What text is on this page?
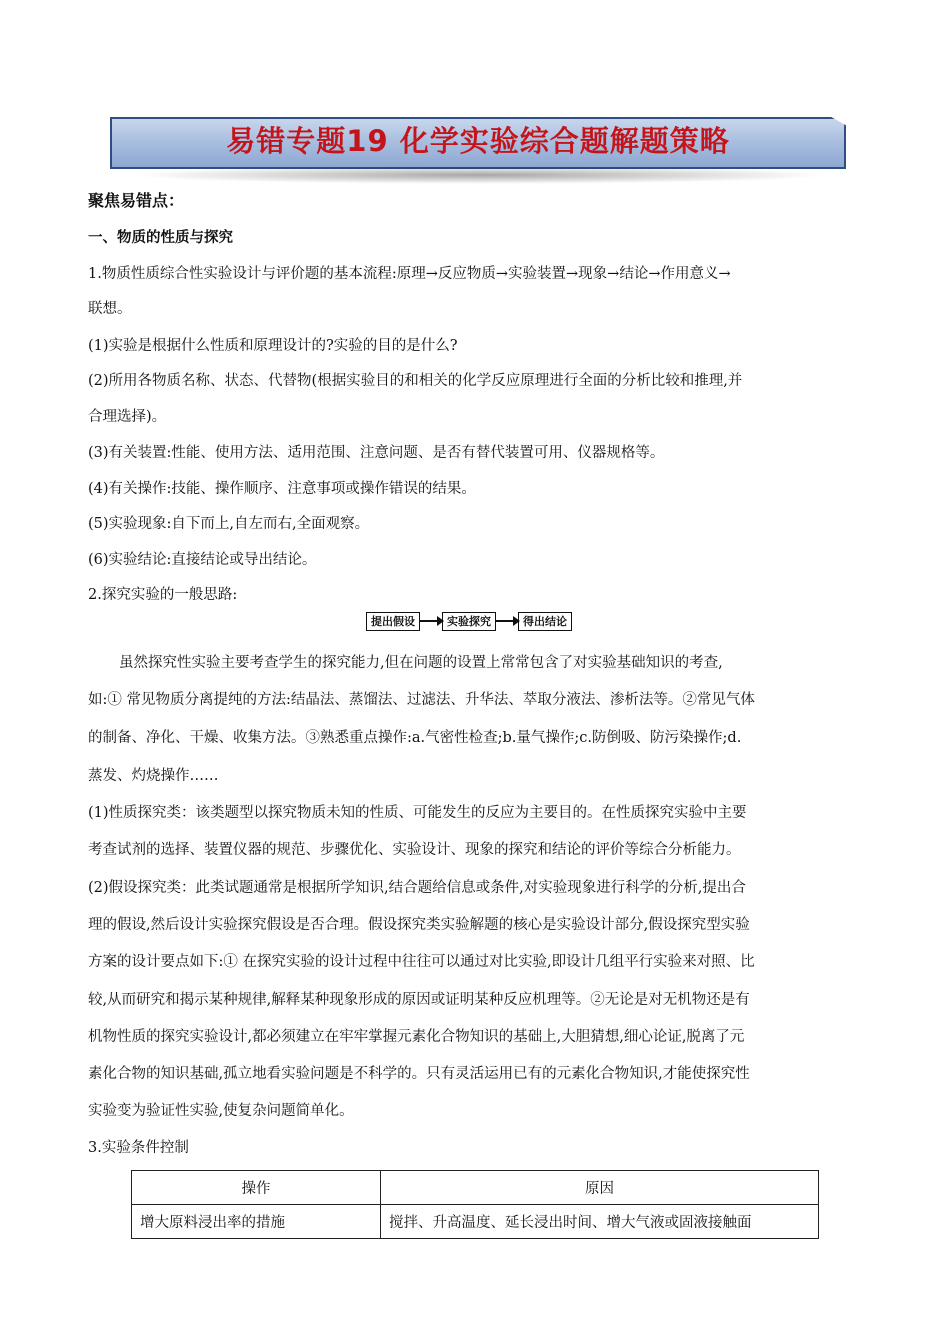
易错专题19 化学实验综合题解题策略
聚焦易错点：
一、物质的性质与探究
1.物质性质综合性实验设计与评价题的基本流程:原理→反应物质→实验装置→现象→结论→作用意义→
联想。
(1)实验是根据什么性质和原理设计的?实验的目的是什么?
(2)所用各物质名称、状态、代替物(根据实验目的和相关的化学反应原理进行全面的分析比较和推理,并
合理选择)。
(3)有关装置:性能、使用方法、适用范围、注意问题、是否有替代装置可用、仪器规格等。
(4)有关操作:技能、操作顺序、注意事项或操作错误的结果。
(5)实验现象:自下而上,自左而右,全面观察。
(6)实验结论:直接结论或导出结论。
2.探究实验的一般思路:
提出假设	实验探究	得出结论
虽然探究性实验主要考查学生的探究能力,但在问题的设置上常常包含了对实验基础知识的考查,
如:① 常见物质分离提纯的方法:结晶法、蒸馏法、过滤法、升华法、萃取分液法、渗析法等。②常见气体
的制备、净化、干燥、收集方法。③熟悉重点操作:a.气密性检查;b.量气操作;c.防倒吸、防污染操作;d.
蒸发、灼烧操作……
(1)性质探究类：该类题型以探究物质未知的性质、可能发生的反应为主要目的。在性质探究实验中主要
考查试剂的选择、装置仪器的规范、步骤优化、实验设计、现象的探究和结论的评价等综合分析能力。
(2)假设探究类：此类试题通常是根据所学知识,结合题给信息或条件,对实验现象进行科学的分析,提出合
理的假设,然后设计实验探究假设是否合理。假设探究类实验解题的核心是实验设计部分,假设探究型实验
方案的设计要点如下:① 在探究实验的设计过程中往往可以通过对比实验,即设计几组平行实验来对照、比
较,从而研究和揭示某种规律,解释某种现象形成的原因或证明某种反应机理等。②无论是对无机物还是有
机物性质的探究实验设计,都必须建立在牢牢掌握元素化合物知识的基础上,大胆猜想,细心论证,脱离了元
素化合物的知识基础,孤立地看实验问题是不科学的。只有灵活运用已有的元素化合物知识,才能使探究性
实验变为验证性实验,使复杂问题简单化。
3.实验条件控制
操作	原因
增大原料浸出率的措施	搅拌、升高温度、延长浸出时间、增大气液或固液接触面
